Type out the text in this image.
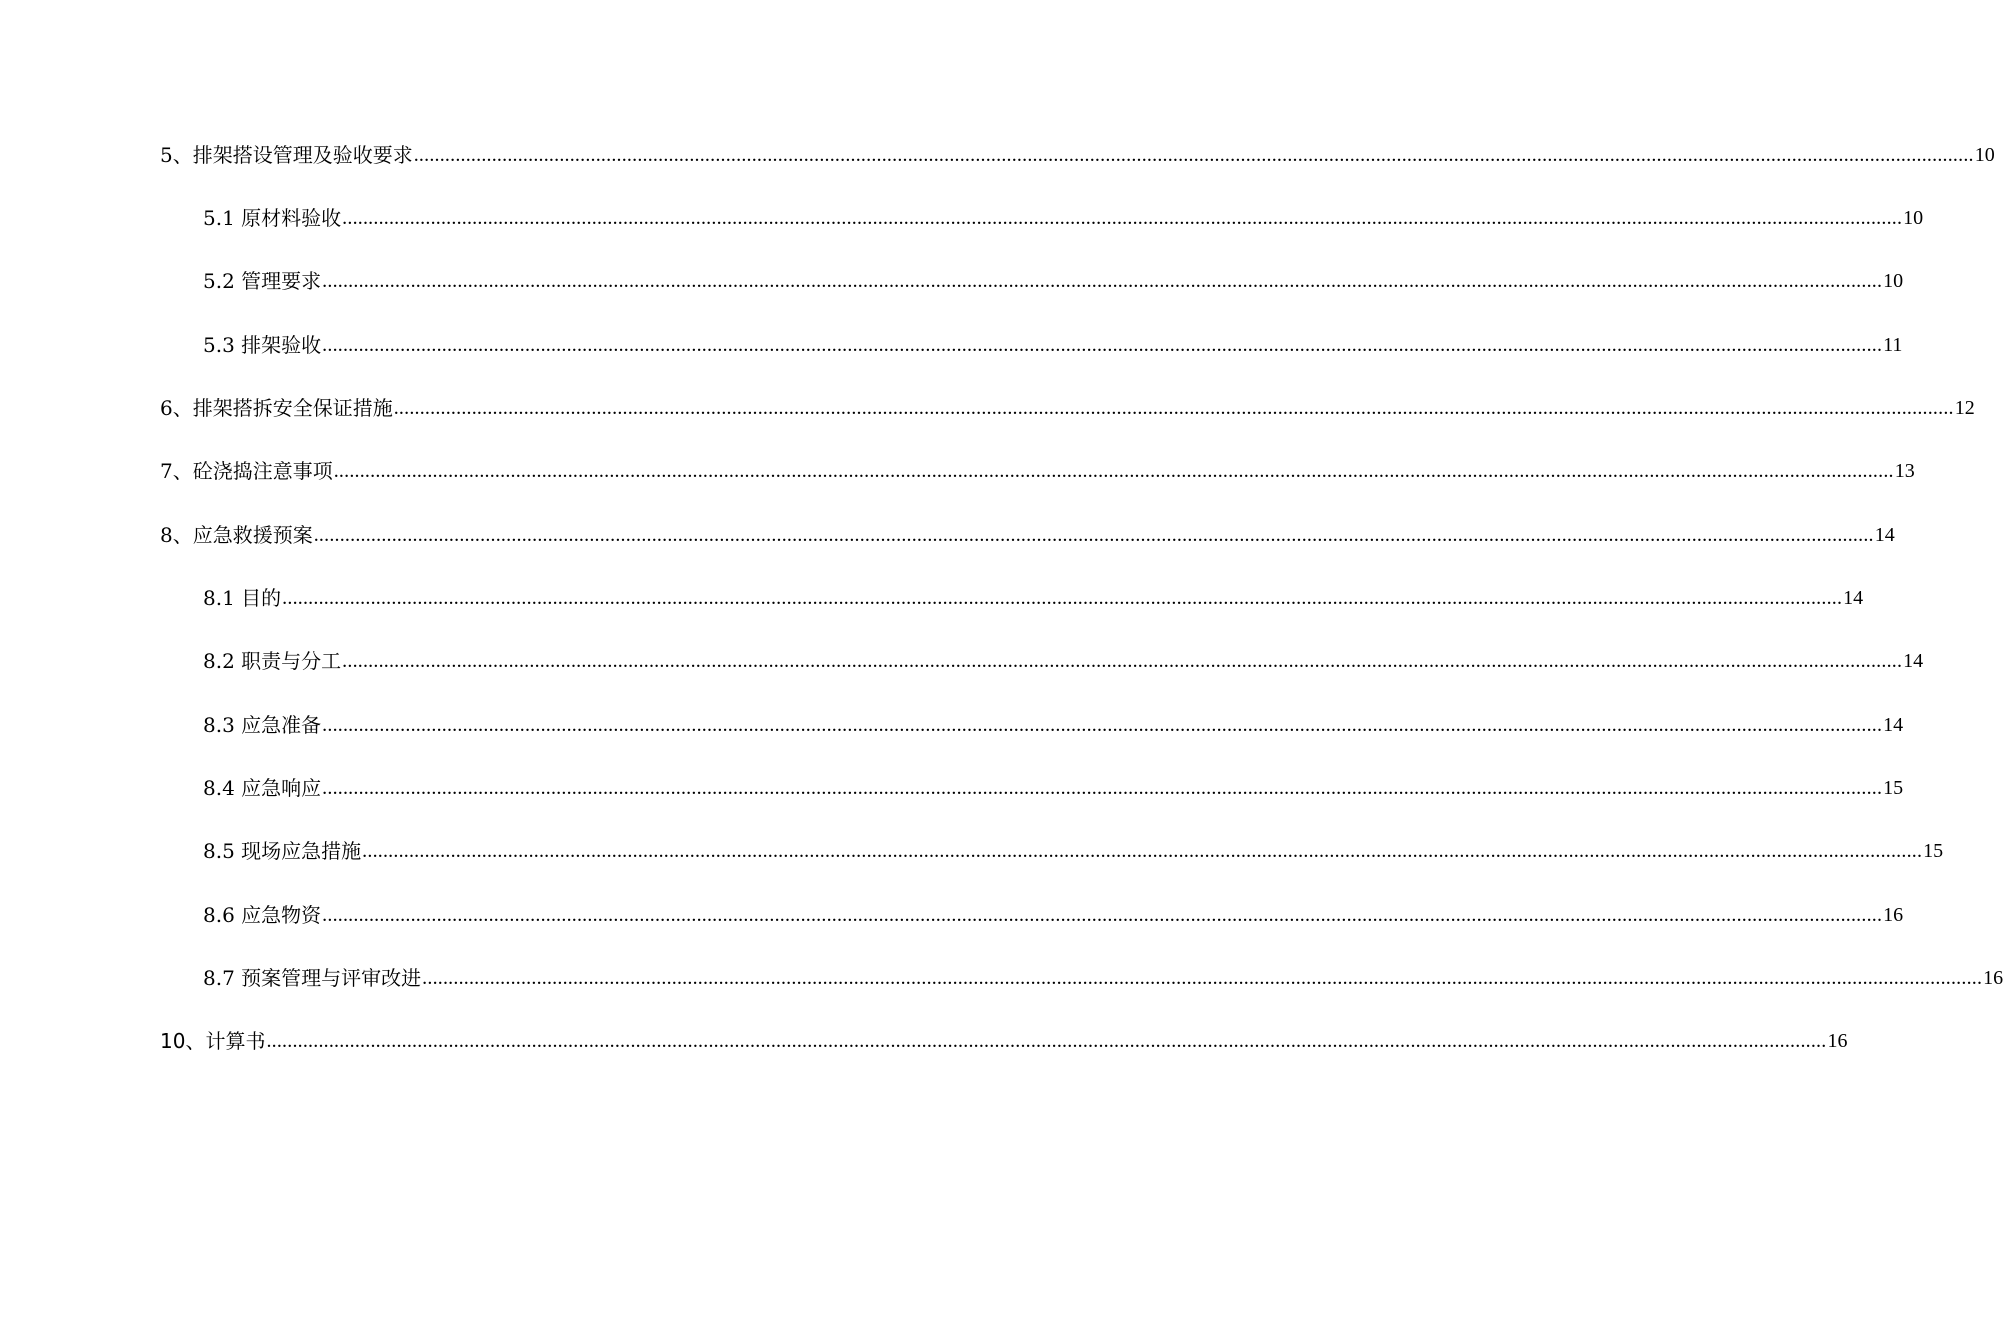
5、排架搭设管理及验收要求 ............................................................................................................................................................................................................................................................................................................ 10
5.1 原材料验收 ............................................................................................................................................................................................................................................................................................................ 10
5.2 管理要求 ............................................................................................................................................................................................................................................................................................................ 10
5.3 排架验收 ............................................................................................................................................................................................................................................................................................................ 11
6、排架搭拆安全保证措施 ............................................................................................................................................................................................................................................................................................................ 12
7、砼浇捣注意事项 ............................................................................................................................................................................................................................................................................................................ 13
8、应急救援预案 ............................................................................................................................................................................................................................................................................................................ 14
8.1 目的 ............................................................................................................................................................................................................................................................................................................ 14
8.2 职责与分工 ............................................................................................................................................................................................................................................................................................................ 14
8.3 应急准备 ............................................................................................................................................................................................................................................................................................................ 14
8.4 应急响应 ............................................................................................................................................................................................................................................................................................................ 15
8.5 现场应急措施 ............................................................................................................................................................................................................................................................................................................ 15
8.6 应急物资 ............................................................................................................................................................................................................................................................................................................ 16
8.7 预案管理与评审改进 ............................................................................................................................................................................................................................................................................................................ 16
10、计算书 ............................................................................................................................................................................................................................................................................................................ 16
